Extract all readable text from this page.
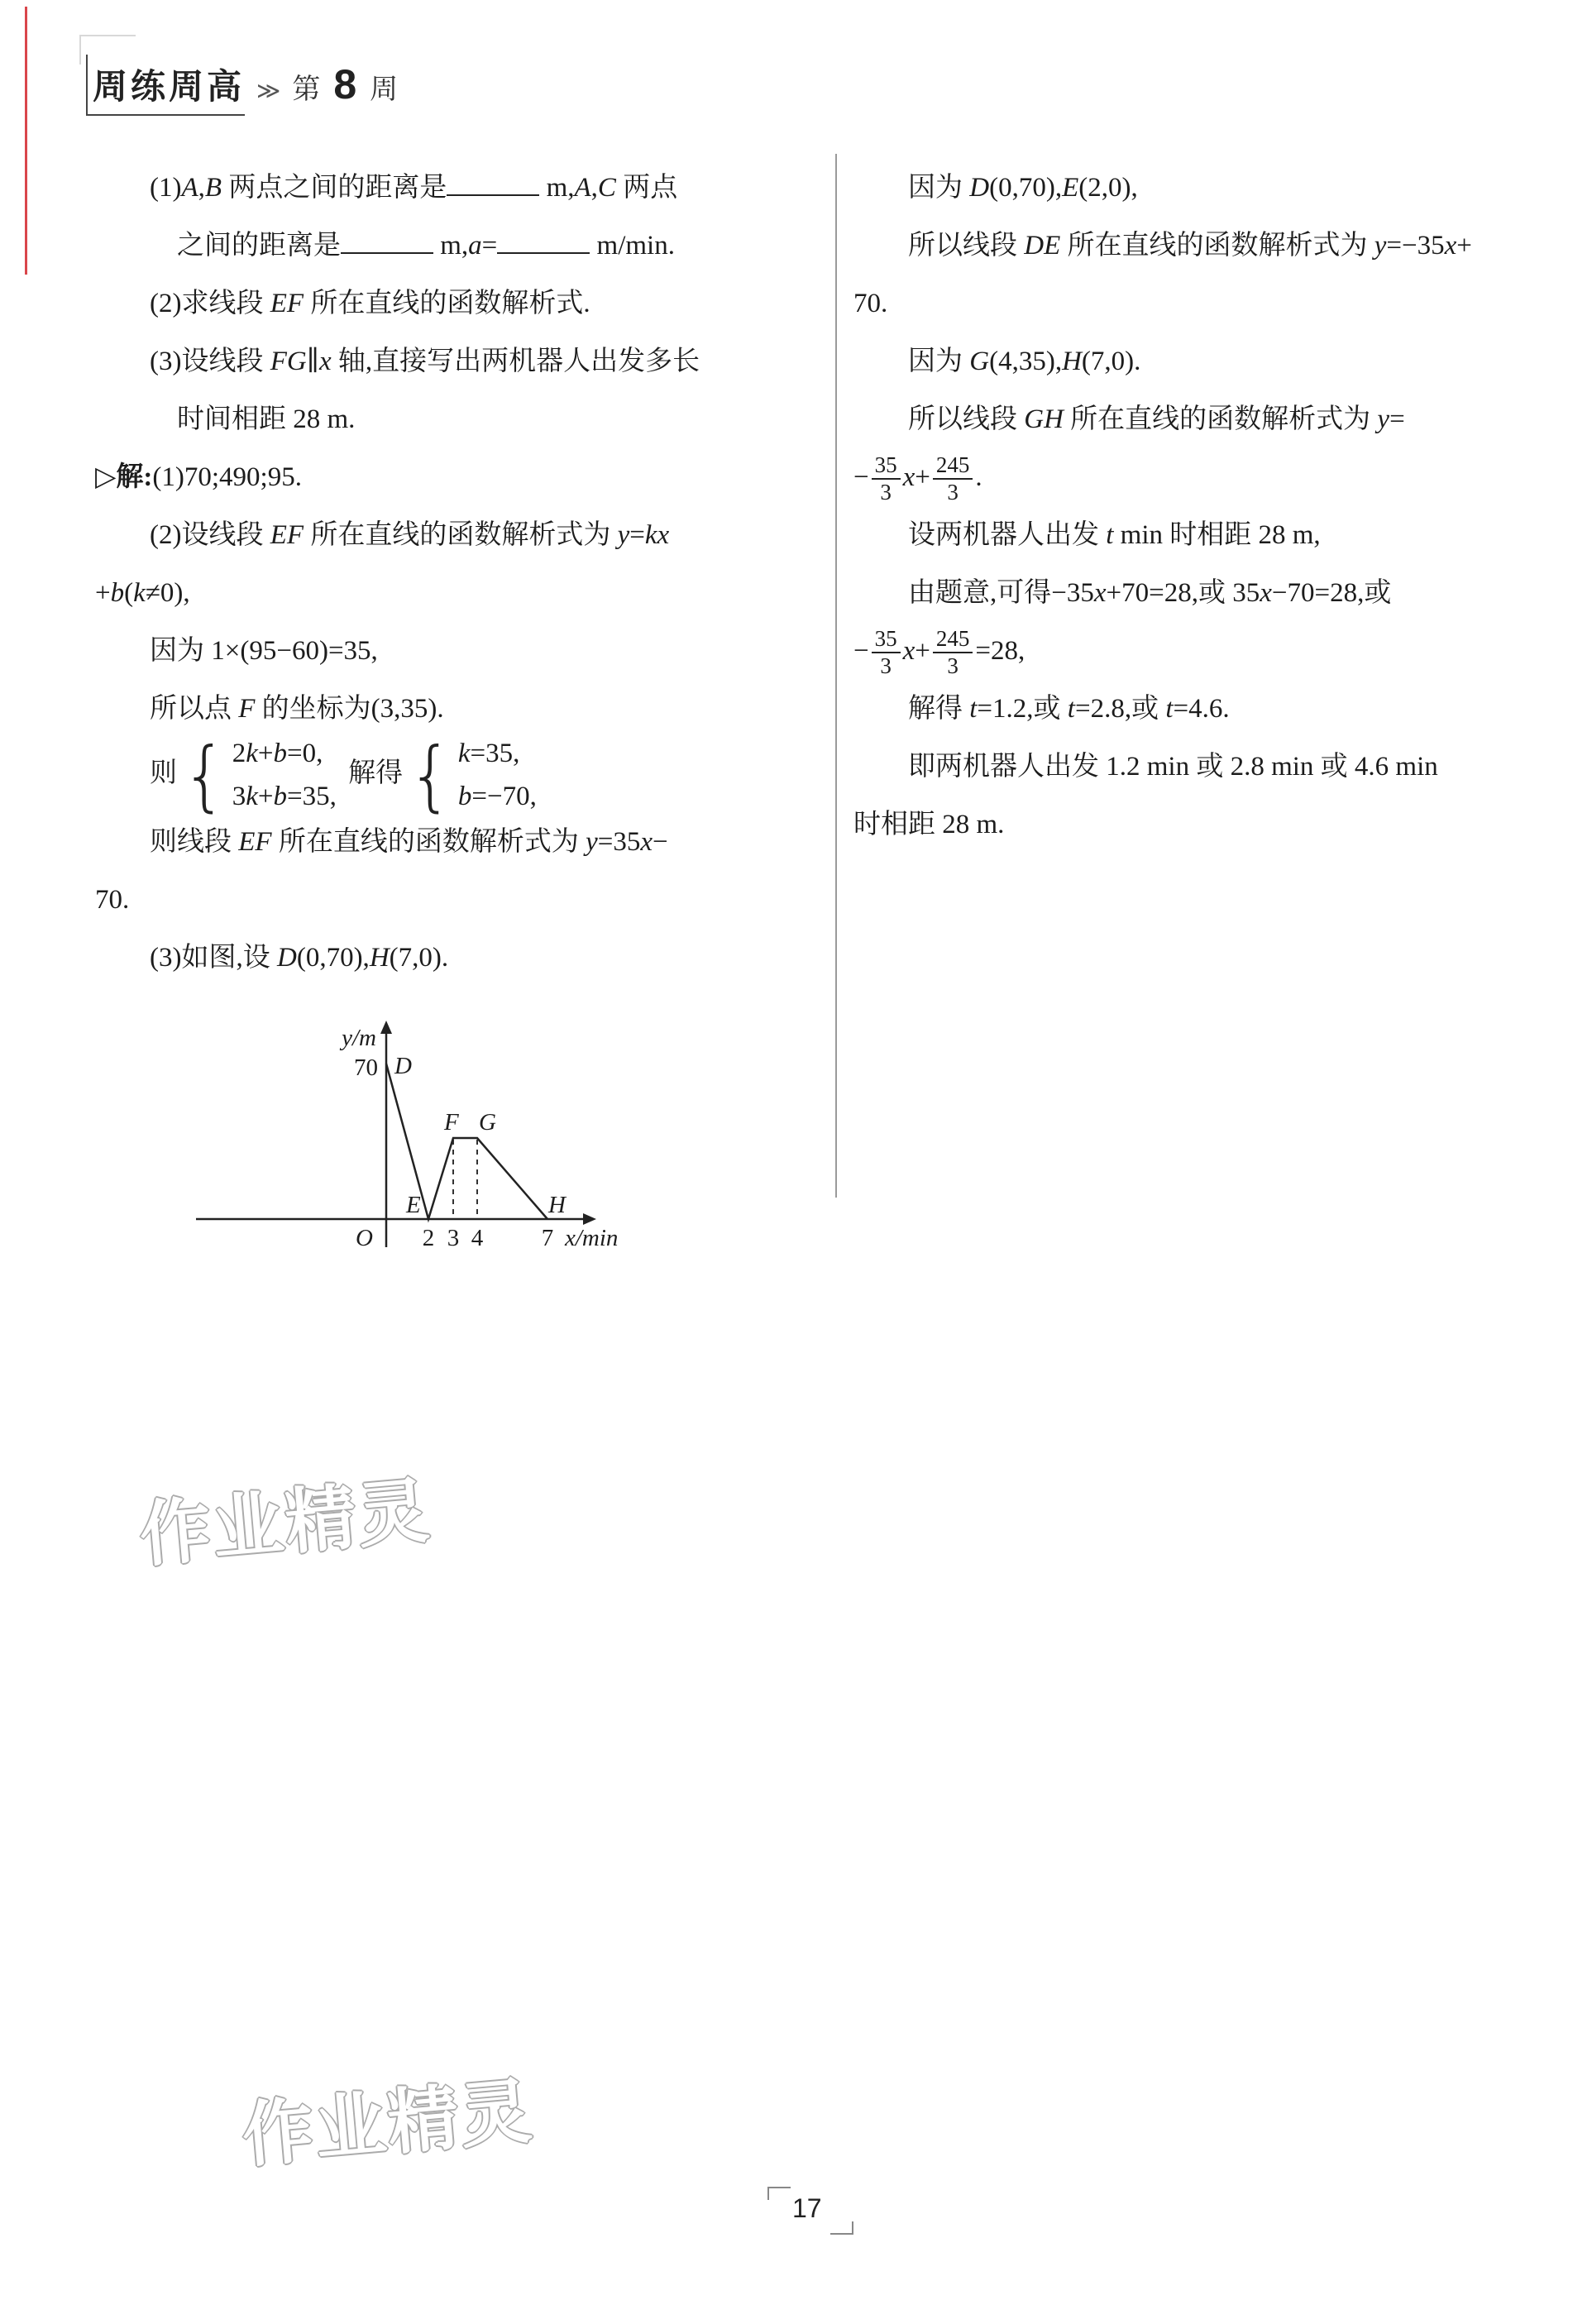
周练周高 ≫ 第 8 周
　　(1)A,B 两点之间的距离是	m,A,C 两点
　　　之间的距离是	m,a=	m/min.
　　(2)求线段 EF 所在直线的函数解析式.
　　(3)设线段 FG∥x 轴,直接写出两机器人出发多长
　　　时间相距 28 m.
▷解:(1)70;490;95.
　　(2)设线段 EF 所在直线的函数解析式为 y=kx
+b(k≠0),
　　因为 1×(95−60)=35,
　　所以点 F 的坐标为(3,35).
　　则 { 2k+b=0,
3k+b=35,
解得 { k=35,
b=−70,
　　则线段 EF 所在直线的函数解析式为 y=35x−
70.
　　(3)如图,设 D(0,70),H(7,0).
　　因为 D(0,70),E(2,0),
　　所以线段 DE 所在直线的函数解析式为 y=−35x+
70.
　　因为 G(4,35),H(7,0).
　　所以线段 GH 所在直线的函数解析式为 y=
− $\frac{35}{3} x+ \frac{245}{3}$ .
　　设两机器人出发 t min 时相距 28 m,
　　由题意,可得−35x+70=28,或 35x−70=28,或
− $\frac{35}{3} x+ \frac{245}{3} =28$,
　　解得 t=1.2,或 t=2.8,或 t=4.6.
　　即两机器人出发 1.2 min 或 2.8 min 或 4.6 min
时相距 28 m.
y/m
70 D
E
F G
H
O 2 3 4 7 x/min
作业精灵
作业精灵
17
